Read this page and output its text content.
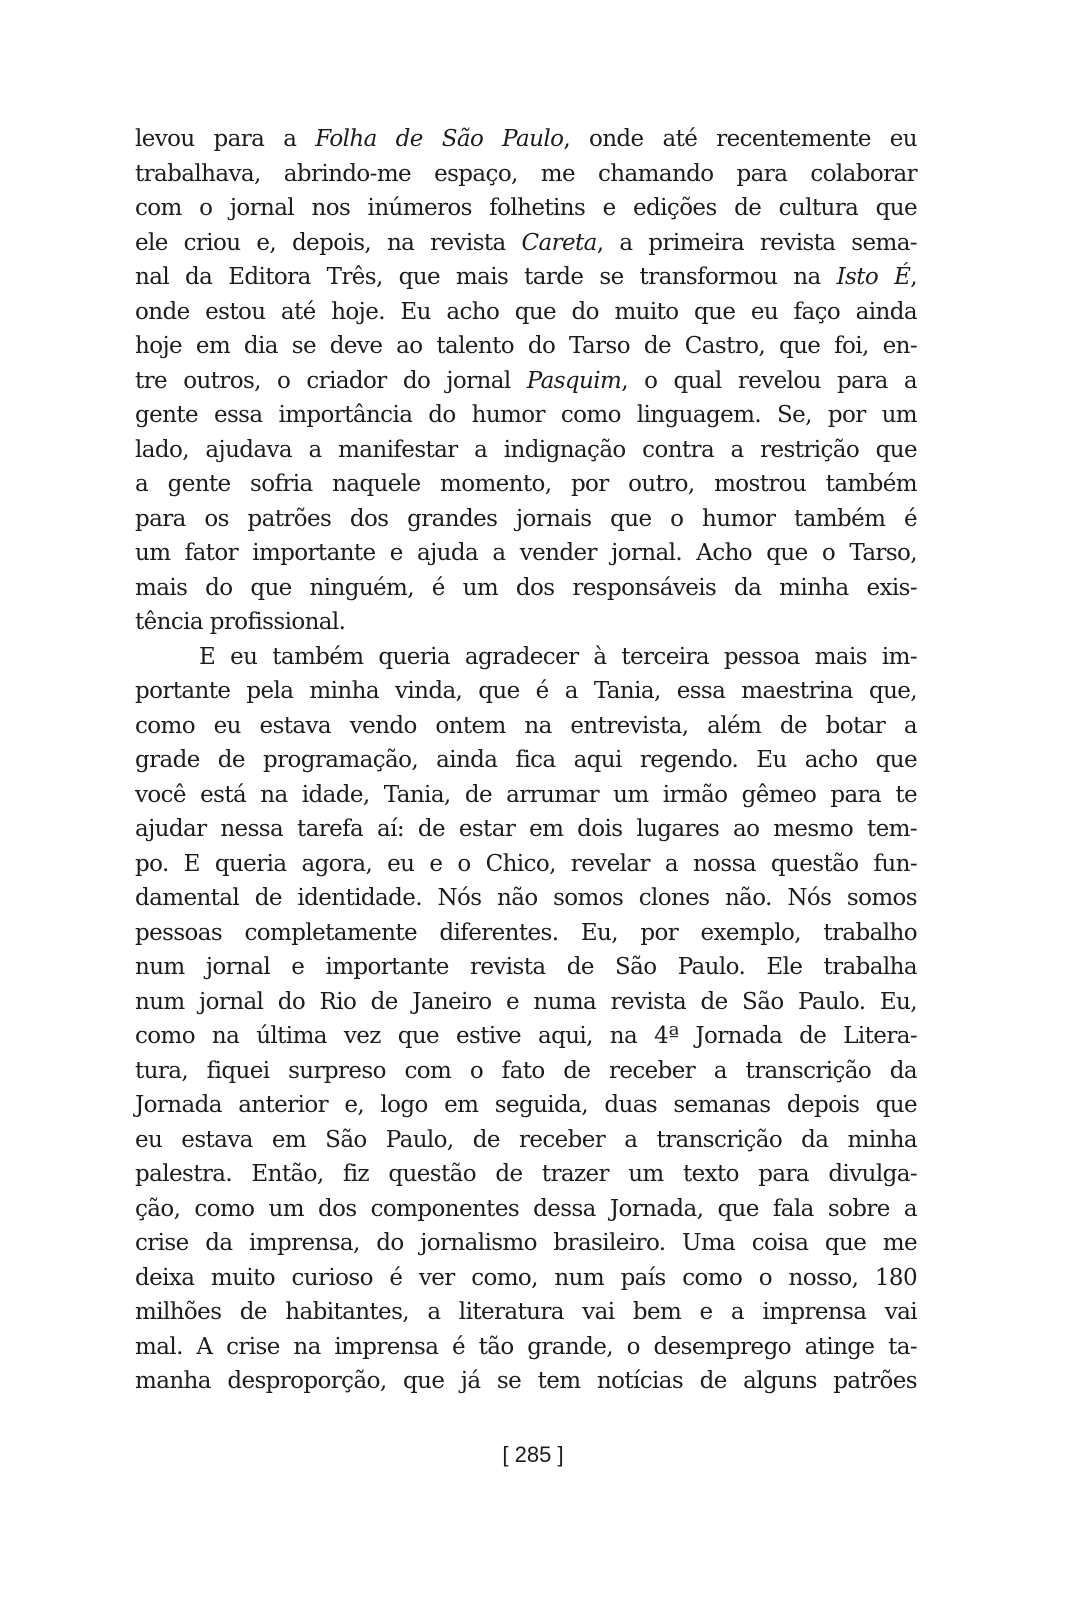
levou para a Folha de São Paulo, onde até recentemente eu
trabalhava, abrindo-me espaço, me chamando para colaborar
com o jornal nos inúmeros folhetins e edições de cultura que
ele criou e, depois, na revista Careta, a primeira revista sema-
nal da Editora Três, que mais tarde se transformou na Isto É,
onde estou até hoje. Eu acho que do muito que eu faço ainda
hoje em dia se deve ao talento do Tarso de Castro, que foi, en-
tre outros, o criador do jornal Pasquim, o qual revelou para a
gente essa importância do humor como linguagem. Se, por um
lado, ajudava a manifestar a indignação contra a restrição que
a gente sofria naquele momento, por outro, mostrou também
para os patrões dos grandes jornais que o humor também é
um fator importante e ajuda a vender jornal. Acho que o Tarso,
mais do que ninguém, é um dos responsáveis da minha exis-
tência profissional.
E eu também queria agradecer à terceira pessoa mais im-
portante pela minha vinda, que é a Tania, essa maestrina que,
como eu estava vendo ontem na entrevista, além de botar a
grade de programação, ainda fica aqui regendo. Eu acho que
você está na idade, Tania, de arrumar um irmão gêmeo para te
ajudar nessa tarefa aí: de estar em dois lugares ao mesmo tem-
po. E queria agora, eu e o Chico, revelar a nossa questão fun-
damental de identidade. Nós não somos clones não. Nós somos
pessoas completamente diferentes. Eu, por exemplo, trabalho
num jornal e importante revista de São Paulo. Ele trabalha
num jornal do Rio de Janeiro e numa revista de São Paulo. Eu,
como na última vez que estive aqui, na 4ª Jornada de Litera-
tura, fiquei surpreso com o fato de receber a transcrição da
Jornada anterior e, logo em seguida, duas semanas depois que
eu estava em São Paulo, de receber a transcrição da minha
palestra. Então, fiz questão de trazer um texto para divulga-
ção, como um dos componentes dessa Jornada, que fala sobre a
crise da imprensa, do jornalismo brasileiro. Uma coisa que me
deixa muito curioso é ver como, num país como o nosso, 180
milhões de habitantes, a literatura vai bem e a imprensa vai
mal. A crise na imprensa é tão grande, o desemprego atinge ta-
manha desproporção, que já se tem notícias de alguns patrões
[ 285 ]
